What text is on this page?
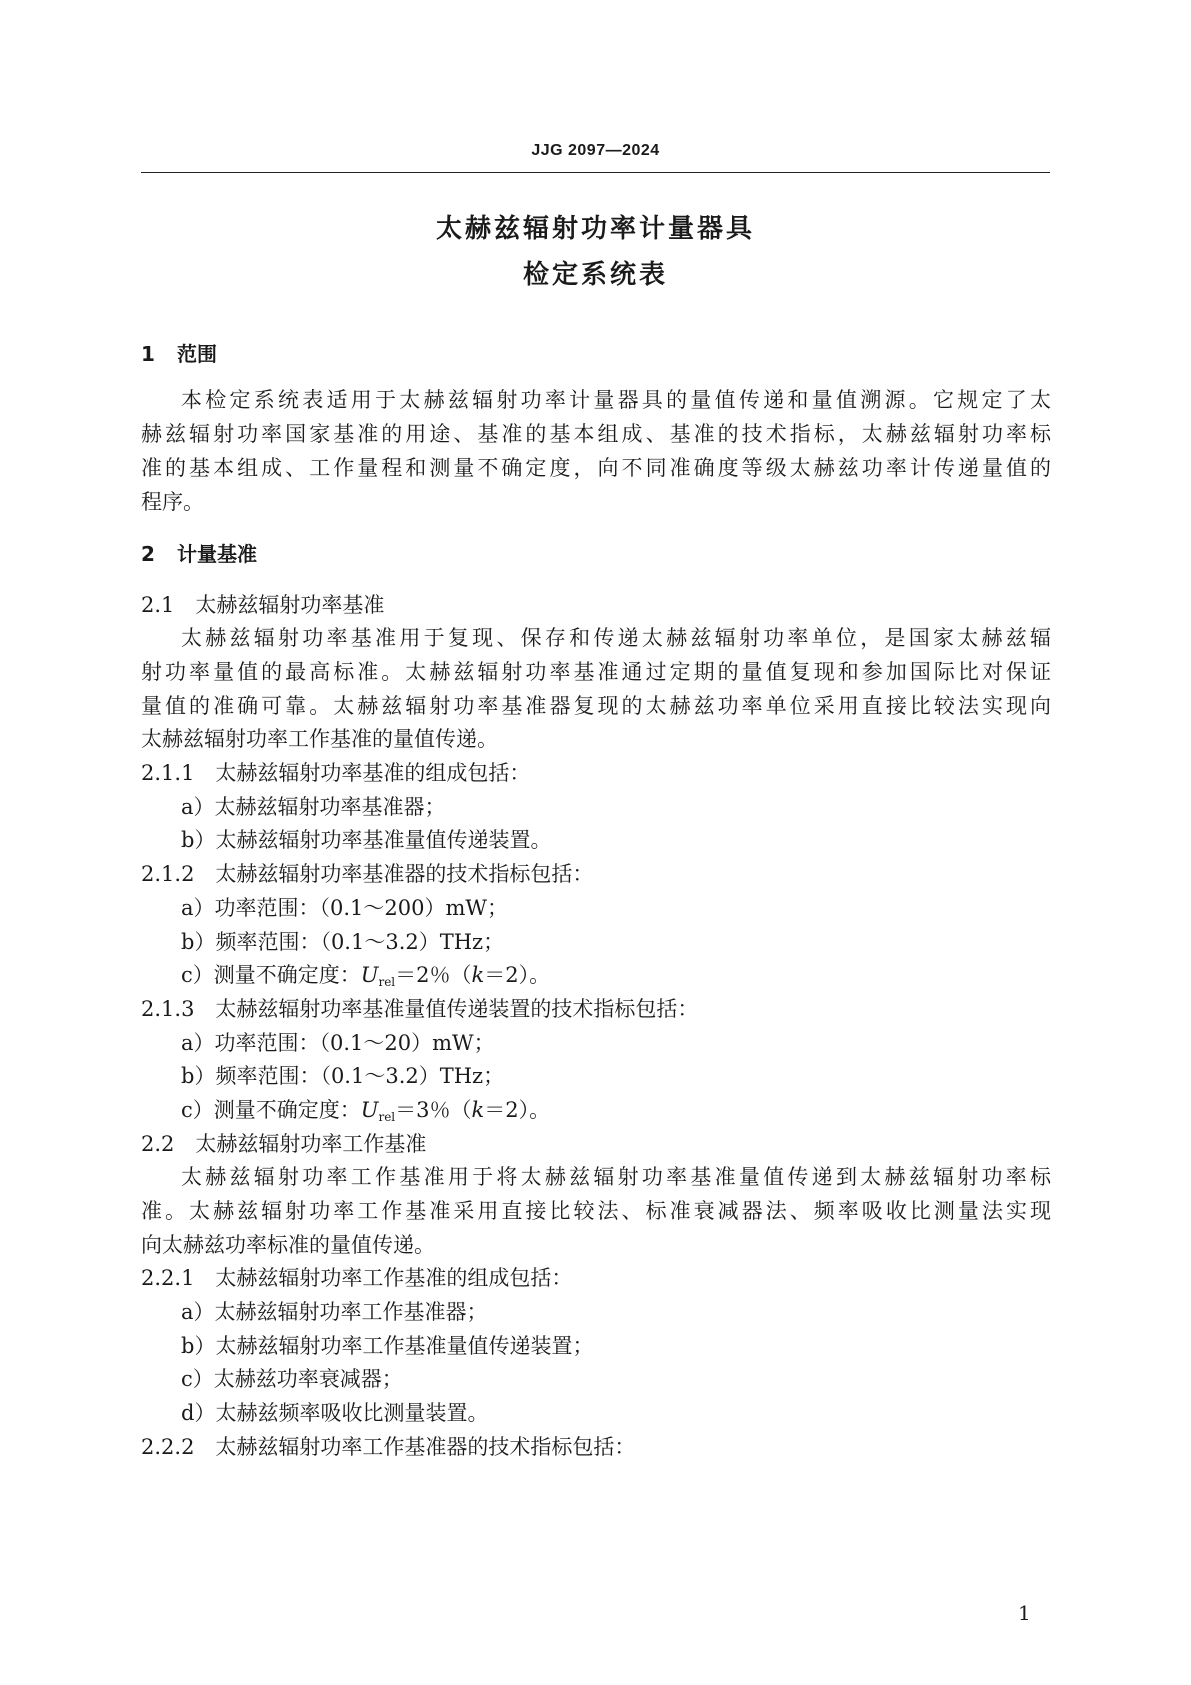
JJG 2097—2024
太赫兹辐射功率计量器具
检定系统表
1 范围
本检定系统表适用于太赫兹辐射功率计量器具的量值传递和量值溯源。它规定了太
赫兹辐射功率国家基准的用途、基准的基本组成、基准的技术指标，太赫兹辐射功率标
准的基本组成、工作量程和测量不确定度，向不同准确度等级太赫兹功率计传递量值的
程序。
2 计量基准
2.1　太赫兹辐射功率基准
太赫兹辐射功率基准用于复现、保存和传递太赫兹辐射功率单位，是国家太赫兹辐
射功率量值的最高标准。太赫兹辐射功率基准通过定期的量值复现和参加国际比对保证
量值的准确可靠。太赫兹辐射功率基准器复现的太赫兹功率单位采用直接比较法实现向
太赫兹辐射功率工作基准的量值传递。
2.1.1　太赫兹辐射功率基准的组成包括：
a）太赫兹辐射功率基准器；
b）太赫兹辐射功率基准量值传递装置。
2.1.2　太赫兹辐射功率基准器的技术指标包括：
a）功率范围：（0.1～200）mW；
b）频率范围：（0.1～3.2）THz；
c）测量不确定度：$U_{rel}=2$％（k＝2）。
2.1.3　太赫兹辐射功率基准量值传递装置的技术指标包括：
a）功率范围：（0.1～20）mW；
b）频率范围：（0.1～3.2）THz；
c）测量不确定度：$U_{rel}=3$％（k＝2）。
2.2　太赫兹辐射功率工作基准
太赫兹辐射功率工作基准用于将太赫兹辐射功率基准量值传递到太赫兹辐射功率标
准。太赫兹辐射功率工作基准采用直接比较法、标准衰减器法、频率吸收比测量法实现
向太赫兹功率标准的量值传递。
2.2.1　太赫兹辐射功率工作基准的组成包括：
a）太赫兹辐射功率工作基准器；
b）太赫兹辐射功率工作基准量值传递装置；
c）太赫兹功率衰减器；
d）太赫兹频率吸收比测量装置。
2.2.2　太赫兹辐射功率工作基准器的技术指标包括：
1
